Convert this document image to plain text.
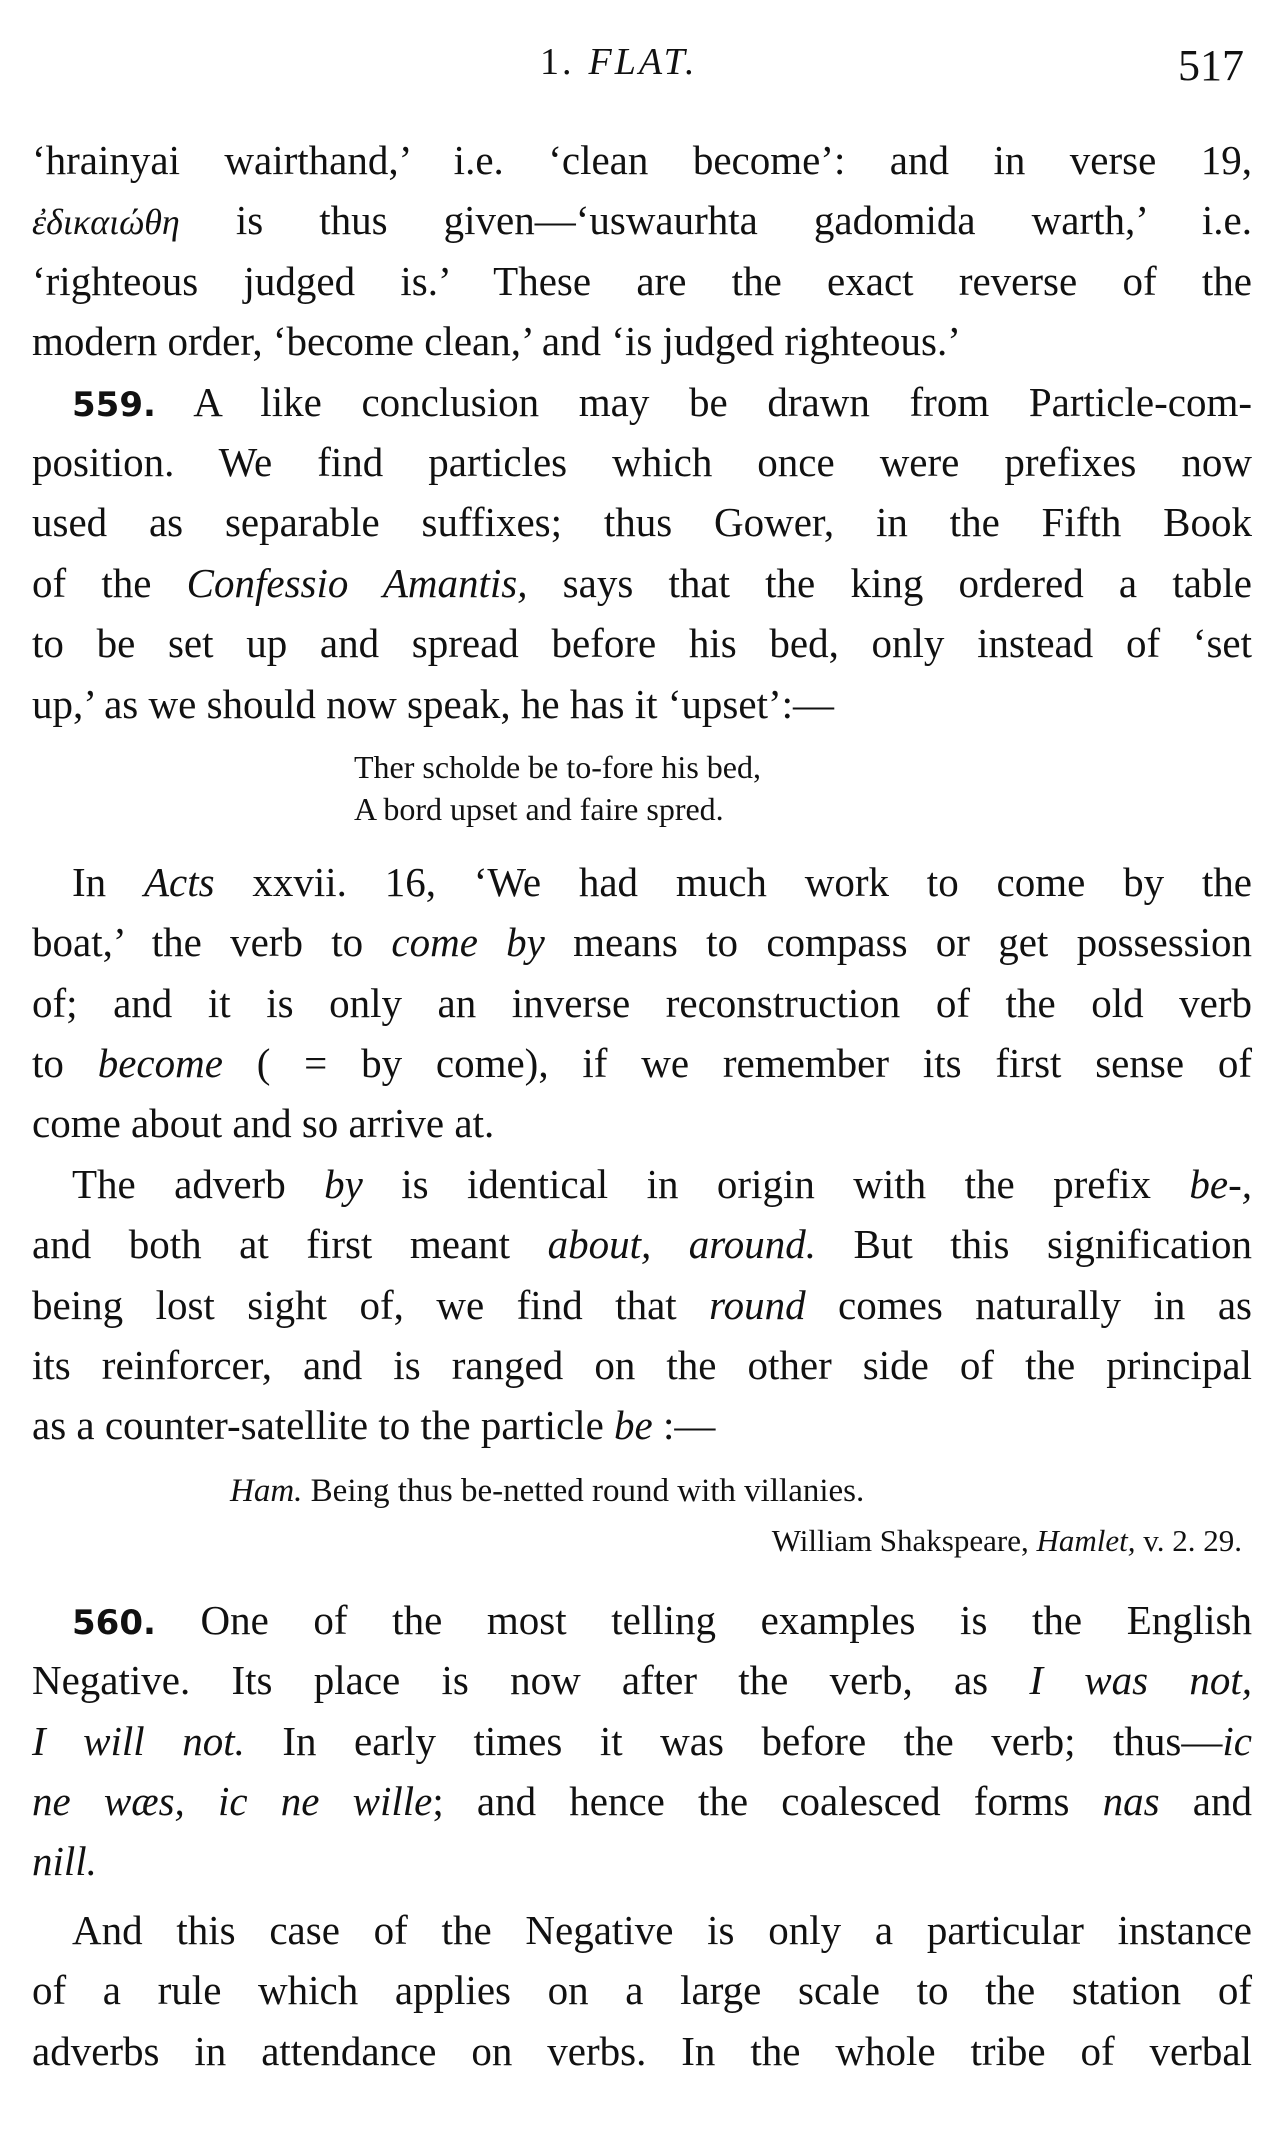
1. FLAT.	517
‘hrainyai wairthand,’ i.e. ‘clean become’: and in verse 19,
ἐδικαιώθη is thus given—‘uswaurhta gadomida warth,’ i.e.
‘righteous judged is.’ These are the exact reverse of the
modern order, ‘become clean,’ and ‘is judged righteous.’
559. A like conclusion may be drawn from Particle-com-
position. We find particles which once were prefixes now
used as separable suffixes; thus Gower, in the Fifth Book
of the Confessio Amantis, says that the king ordered a table
to be set up and spread before his bed, only instead of ‘set
up,’ as we should now speak, he has it ‘upset’:—
Ther scholde be to-fore his bed,
A bord upset and faire spred.
In Acts xxvii. 16, ‘We had much work to come by the
boat,’ the verb to come by means to compass or get possession
of; and it is only an inverse reconstruction of the old verb
to become ( = by come), if we remember its first sense of
come about and so arrive at.
The adverb by is identical in origin with the prefix be-,
and both at first meant about, around. But this signification
being lost sight of, we find that round comes naturally in as
its reinforcer, and is ranged on the other side of the principal
as a counter-satellite to the particle be :—
Ham. Being thus be-netted round with villanies.
William Shakspeare, Hamlet, v. 2. 29.
560. One of the most telling examples is the English
Negative. Its place is now after the verb, as I was not,
I will not. In early times it was before the verb; thus—ic
ne wæs, ic ne wille; and hence the coalesced forms nas and
nill.
And this case of the Negative is only a particular instance
of a rule which applies on a large scale to the station of
adverbs in attendance on verbs. In the whole tribe of verbal
